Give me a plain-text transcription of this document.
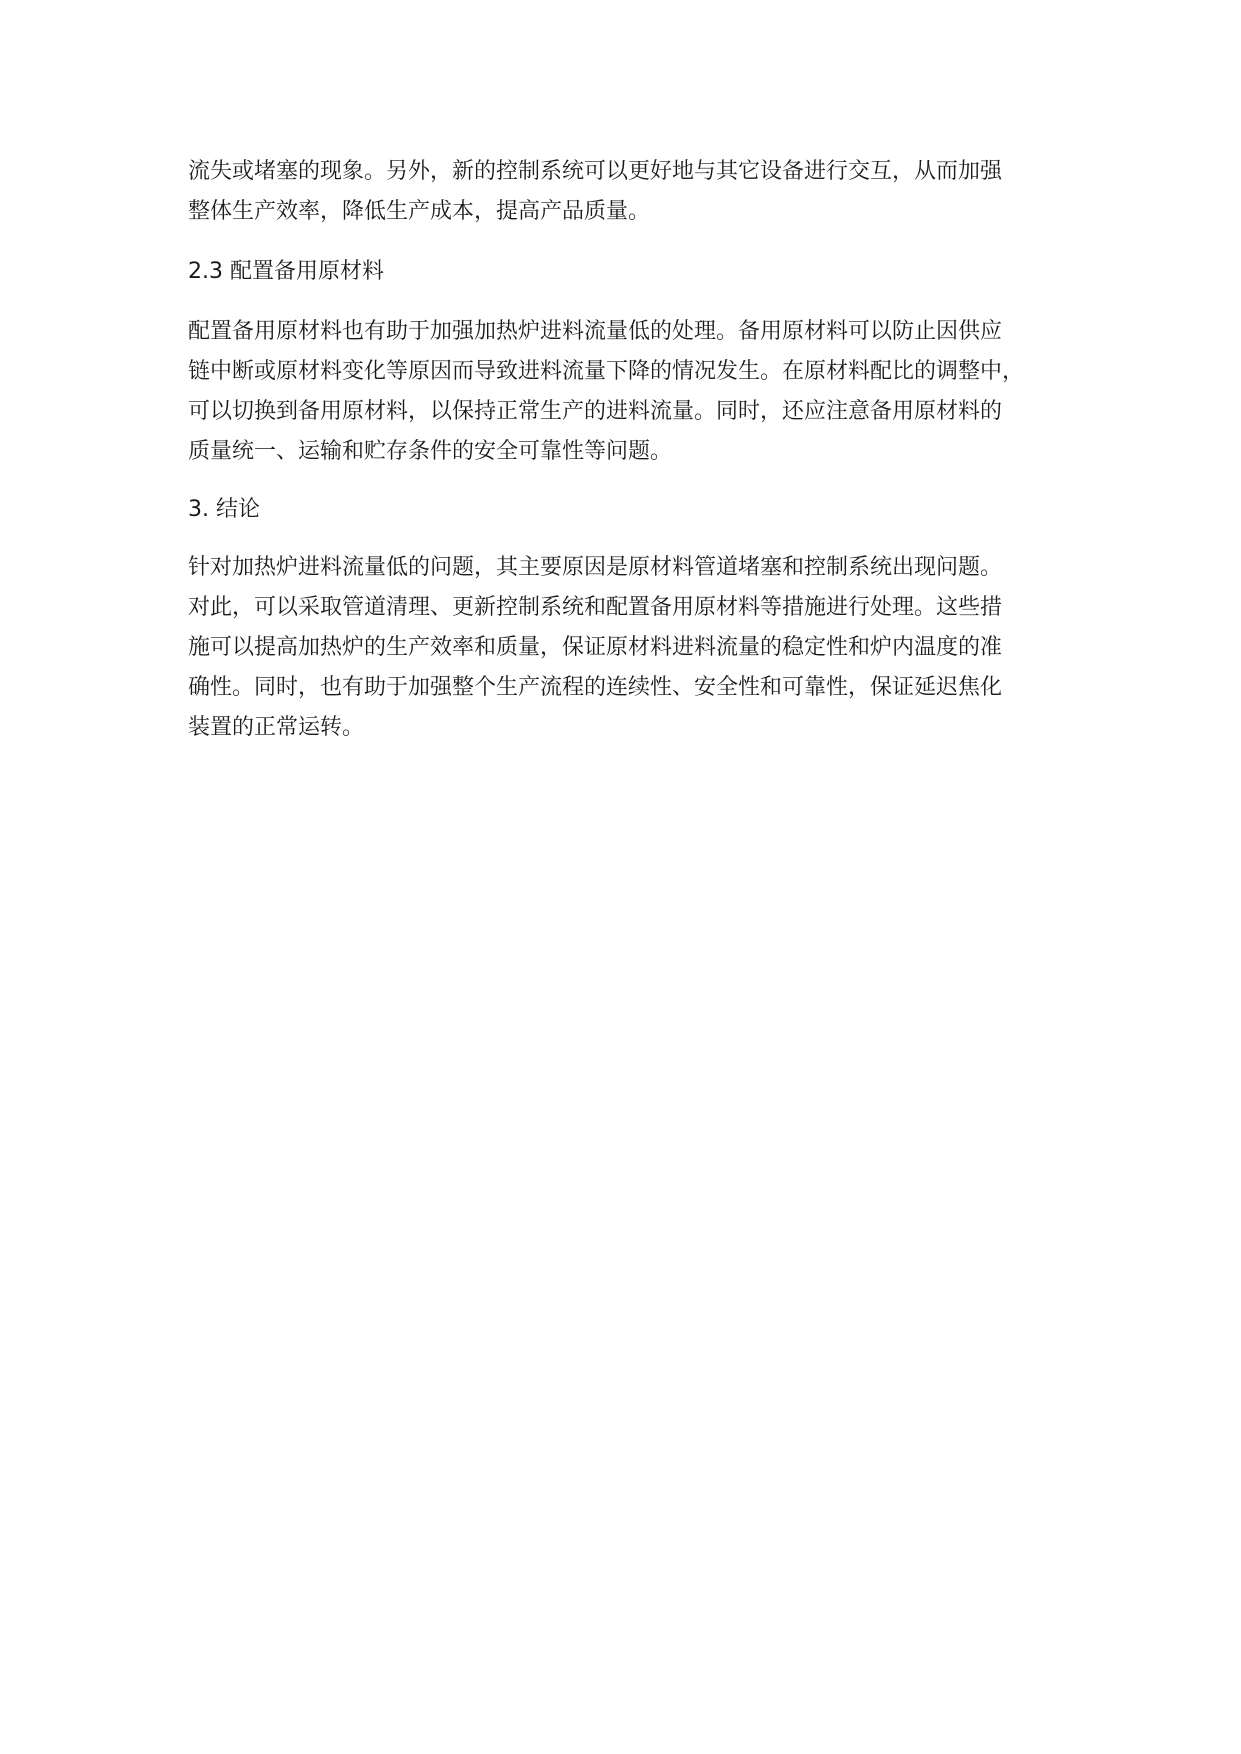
流失或堵塞的现象。另外，新的控制系统可以更好地与其它设备进行交互，从而加强
整体生产效率，降低生产成本，提高产品质量。
2.3 配置备用原材料
配置备用原材料也有助于加强加热炉进料流量低的处理。备用原材料可以防止因供应
链中断或原材料变化等原因而导致进料流量下降的情况发生。在原材料配比的调整中，
可以切换到备用原材料，以保持正常生产的进料流量。同时，还应注意备用原材料的
质量统一、运输和贮存条件的安全可靠性等问题。
3. 结论
针对加热炉进料流量低的问题，其主要原因是原材料管道堵塞和控制系统出现问题。
对此，可以采取管道清理、更新控制系统和配置备用原材料等措施进行处理。这些措
施可以提高加热炉的生产效率和质量，保证原材料进料流量的稳定性和炉内温度的准
确性。同时，也有助于加强整个生产流程的连续性、安全性和可靠性，保证延迟焦化
装置的正常运转。
